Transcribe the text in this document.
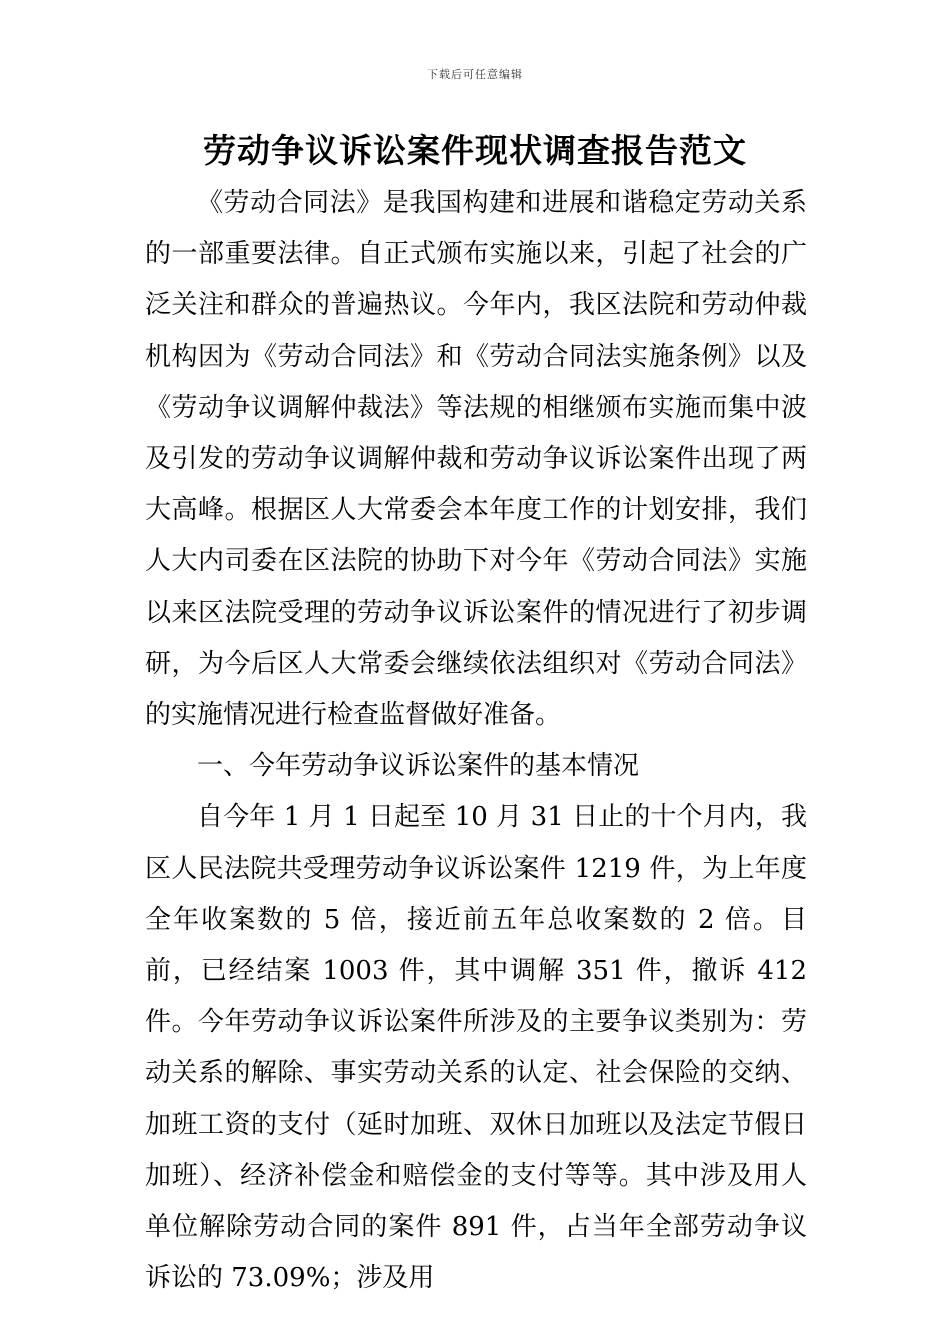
下载后可任意编辑
劳动争议诉讼案件现状调查报告范文

《劳动合同法》是我国构建和进展和谐稳定劳动关系的一部重要法律。自正式颁布实施以来，引起了社会的广泛关注和群众的普遍热议。今年内，我区法院和劳动仲裁机构因为《劳动合同法》和《劳动合同法实施条例》以及《劳动争议调解仲裁法》等法规的相继颁布实施而集中波及引发的劳动争议调解仲裁和劳动争议诉讼案件出现了两大高峰。根据区人大常委会本年度工作的计划安排，我们人大内司委在区法院的协助下对今年《劳动合同法》实施以来区法院受理的劳动争议诉讼案件的情况进行了初步调研，为今后区人大常委会继续依法组织对《劳动合同法》的实施情况进行检查监督做好准备。

一、今年劳动争议诉讼案件的基本情况

自今年 1 月 1 日起至 10 月 31 日止的十个月内，我区人民法院共受理劳动争议诉讼案件 1219 件，为上年度全年收案数的 5 倍，接近前五年总收案数的 2 倍。目前，已经结案 1003 件，其中调解 351 件，撤诉 412 件。今年劳动争议诉讼案件所涉及的主要争议类别为：劳动关系的解除、事实劳动关系的认定、社会保险的交纳、加班工资的支付（延时加班、双休日加班以及法定节假日加班）、经济补偿金和赔偿金的支付等等。其中涉及用人单位解除劳动合同的案件 891 件，占当年全部劳动争议诉讼的 73.09%；涉及用
